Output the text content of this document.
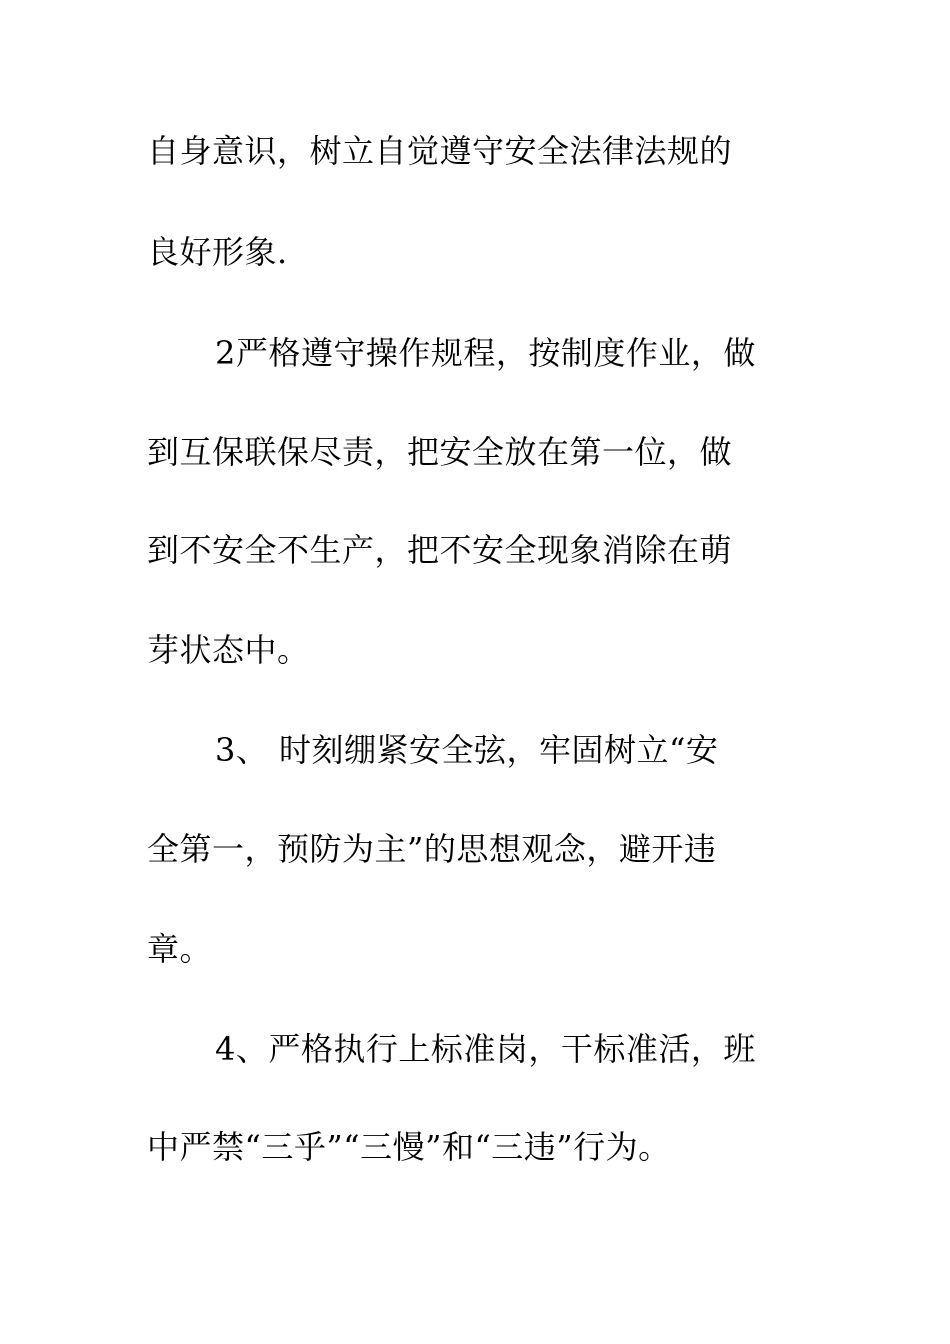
自身意识，树立自觉遵守安全法律法规的
良好形象.
2严格遵守操作规程，按制度作业，做
到互保联保尽责，把安全放在第一位，做
到不安全不生产，把不安全现象消除在萌
芽状态中。
3、 时刻绷紧安全弦，牢固树立“安
全第一，预防为主”的思想观念，避开违
章。
4、严格执行上标准岗，干标准活，班
中严禁“三乎”“三慢”和“三违”行为。
